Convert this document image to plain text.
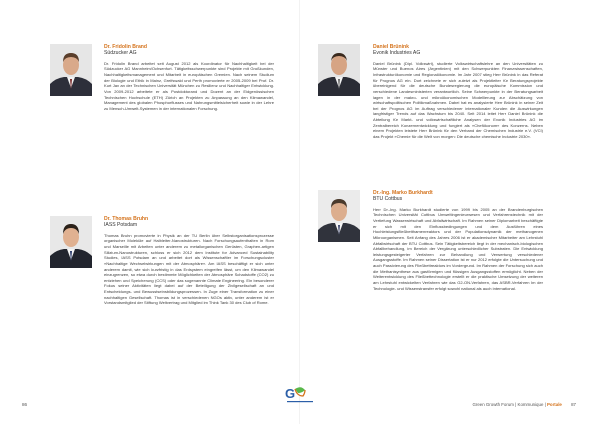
Dr. Fridolin Brand
Südzucker AG
Dr. Fridolin Brand arbeitet seit August 2012 als Koordinator für Nachhaltigkeit bei der Südzucker AG Mannheim/Ochsenfurt. Tätigkeitsschwerpunkte sind Projekte mit Großkunden, Nachhaltigkeitsmanagement und Mitarbeit in europäischen Gremien. Nach seinem Studium der Biologie und Ethik in Mainz, Greifswald und Perth promovierte er 2005-2009 bei Prof. Dr. Kurt Jax an der Technischen Universität München zu Resilienz und Nachhaltiger Entwicklung. Von 2009-2012 arbeitete er als Postdoktorand und Dozent an der Eidgenössischen Technischen Hochschule (ETH) Zürich an Projekten zu Anpassung an den Klimawandel, Management des globalen Phosphorflusses und Nahrungsmittelsicherheit sowie in der Lehre zu Mensch-Umwelt-Systemen in der internationalen Forschung.
Dr. Thomas Bruhn
IASS Potsdam
Thomas Bruhn promovierte in Physik an der TU Berlin über Selbstorganisationsprozesse organischer Moleküle auf Halbleiter-Nanostrukturen. Nach Forschungsaufenthalten in Rom und Marseille mit Arbeiten unter anderem zu metallorganischen Gerüsten, Graphen-artigen Silizium-Nanostrukturen, schloss er sich 2012 dem Institute for Advanced Sustainability Studies, IASS Potsdam an und arbeitet dort als Wissenschaftler im Forschungscluster »Nachhaltige Wechselwirkungen mit der Atmosphäre«. Am IASS beschäftigt er sich unter anderem damit, wie sich kurzfristig in das Erdsystem eingreifen lässt, um den Klimawandel einzugrenzen, so etwa durch bestimmte Möglichkeiten der Atmosphäre Schadstoffe (CO2) zu entziehen und Speicherung (CCS) oder das sogenannte Climate Engineering. Ein besonderer Fokus seiner Aktivitäten liegt dabei auf der Beteiligung der Zivilgesellschaft an und Entscheidungs- und Bewusstseinsbildungsprozessen. In Zuge einer Transformation zu einer nachhaltigen Gesellschaft. Thomas ist in verschiedenen NGOs aktiv, unter anderem ist er Vorstandsmitglied der Stiftung Weltvertrag und Mitglied im Think Tank 30 des Club of Rome.
86
Daniel Brünink
Evonik Industries AG
Daniel Brünink (Dipl. Volkswirt), studierte Volkswirtschaftslehre an den Universitäten zu Münster und Buenos Aires (Argentinien) mit den Schwerpunkten Finanzwissenschaften, Infrastrukturökonomie und Regionalökonomie. Im Jahr 2007 stieg Herr Brünink in das Referat für Prognos AG ein. Dort zeichnete er sich zuletzt als Projektleiter für Beratungsprojekte übereinigend für die deutsche Bundesregierung die europäische Kommission und verschiedene Landesministerien verantwortlich. Seine Schwerpunkte in der Beratungsarbeit lagen in der makro- und mikroökonomischen Modellierung zur Abschätzung von wirtschaftspolitischen Politikmaßnahmen. Dabei hat es analysierte Herr Brünink in seiner Zeit bei der Prognos AG im Auftrag verschiedener internationaler Kunden die Auswirkungen langfristiger Trends auf das Wachstum bis 2040. Seit 2014 leitet Herr Daniel Brünink die Abteilung für Markt- und volkswirtschaftliche Analysen der Evonik Industries AG im Zentralbereich Konzernentwicklung und fungiert als »Chefökonom« des Konzerns. Neben einem Projekten leistete Herr Brünink für den Verband der Chemischen Industrie e.V. (VCI) das Projekt »Chemie für die Welt von morgen: Die deutsche chemische Industrie 2030«.
Dr.-Ing. Marko Burkhardt
BTU Cottbus
Herr Dr.-Ing. Marko Burkhardt studierte von 1999 bis 2005 an der Brandenburgischen Technischen Universität Cottbus Umweltingenieurwesen und Verfahrenstechnik mit der Vertiefung Wasserwirtschaft und Abfallwirtschaft. Im Rahmen seiner Diplomarbeit beschäftigte er sich mit den Einflussbedingungen und dem Ausführen eines Hochleistungsfließbetthamenreaktors und der Populationsdynamik der methanogenen Mikroorganismen. Seit Anfang des Jahres 2006 ist er akademischer Mitarbeiter am Lehrstuhl Abfallwirtschaft der BTU Cottbus. Sein Tätigkeitsbereich liegt in der mechanisch-biologischen Abfallbehandlung, im Bereich der Vergärung unterschiedlicher Substraten. Die Entwicklung leistungsgesteigerter Verfahren zur Behandlung und Verwertung verschiedener Ausgangsstoffe. Im Rahmen seiner Dissertation ist er nur 2012 erfolgte die Untersuchung und auch Passivierung des Fließbettreaktors im Vordergrund. Im Rahmen der Forschung sich auch die Methanisynthese aus gasförmigen und flüssigen Ausgangsstoffen ermöglicht. Neben der Weiterentwicklung des Fließbettechnologie erstellt er die praktische Umsetzung der weiteren am Lehrstuhl entwickelten Verfahren wie das G2-ON-Verfahren, das ASBR-Verfahren Im der Technologie- und Wissenstransfer erfolgt sowohl national als auch international.
Green Growth Forum | Kommunique | Portale 87
G
